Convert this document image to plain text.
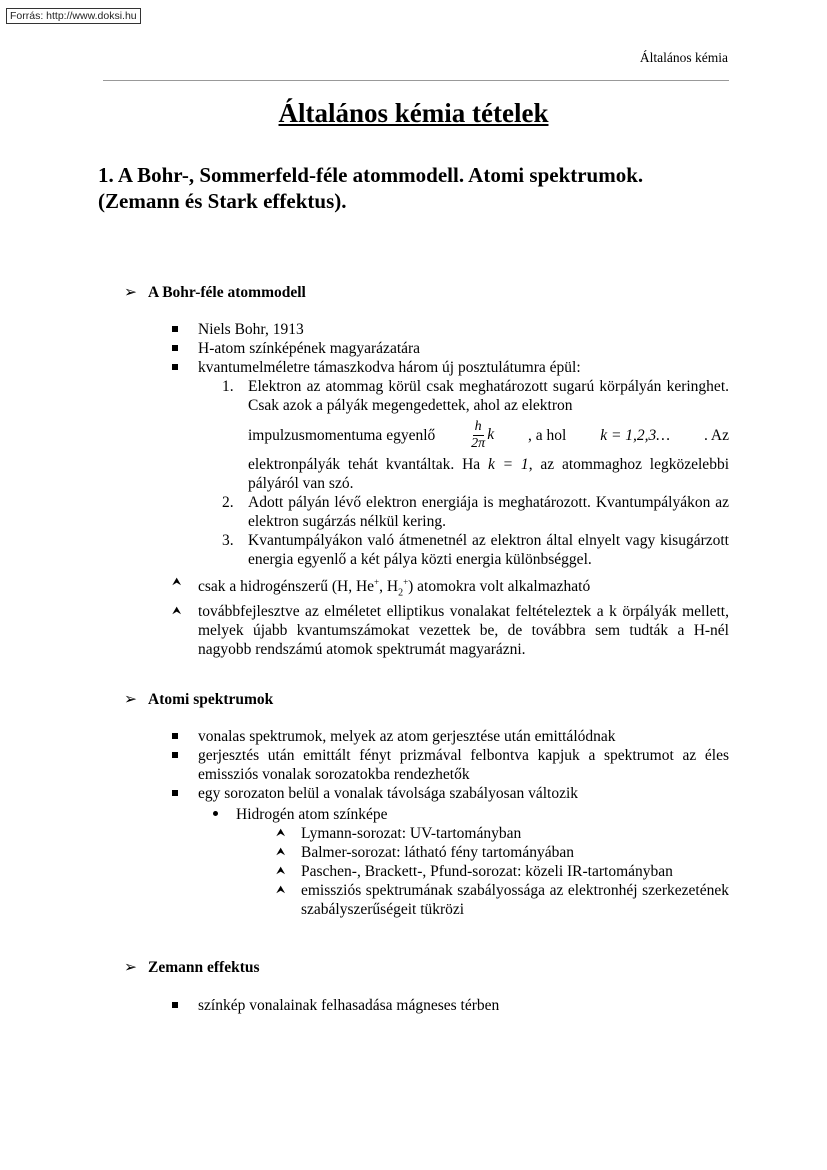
Forrás: http://www.doksi.hu
Általános kémia
Általános kémia tételek
1. A Bohr-, Sommerfeld-féle atommodell. Atomi spektrumok. (Zemann és Stark effektus).
➢ A Bohr-féle atommodell
Niels Bohr, 1913
H-atom színképének magyarázatára
kvantumelméletre támaszkodva három új posztulátumra épül:
1. Elektron az atommag körül csak meghatározott sugarú körpályán keringhet. Csak azok a pályák megengedettek, ahol az elektron
impulzusmomentuma egyenlő	$\frac{h}{2\pi}$ k , a hol k = 1,2,3… . Az
elektronpályák tehát kvantáltak. Ha k = 1, az atommaghoz legközelebbi pályáról van szó.
2. Adott pályán lévő elektron energiája is meghatározott. Kvantumpályákon az elektron sugárzás nélkül kering.
3. Kvantumpályákon való átmenetnél az elektron által elnyelt vagy kisugárzott energia egyenlő a két pálya közti energia különbséggel.
⮝	csak a hidrogénszerű (H, He+, $H_2^+$) atomokra volt alkalmazható
⮝	továbbfejlesztve az elméletet elliptikus vonalakat feltételeztek a k örpályák mellett, melyek újabb kvantumszámokat vezettek be, de továbbra sem tudták a H-nél nagyobb rendszámú atomok spektrumát magyarázni.
➢ Atomi spektrumok
vonalas spektrumok, melyek az atom gerjesztése után emittálódnak
gerjesztés után emittált fényt prizmával felbontva kapjuk a spektrumot az éles emissziós vonalak sorozatokba rendezhetők
egy sorozaton belül a vonalak távolsága szabályosan változik
Hidrogén atom színképe
⮝	Lymann-sorozat: UV-tartományban
⮝	Balmer-sorozat: látható fény tartományában
⮝	Paschen-, Brackett-, Pfund-sorozat: közeli IR-tartományban
⮝	emissziós spektrumának szabályossága az elektronhéj szerkezetének szabályszerűségeit tükrözi
➢ Zemann effektus
színkép vonalainak felhasadása mágneses térben
